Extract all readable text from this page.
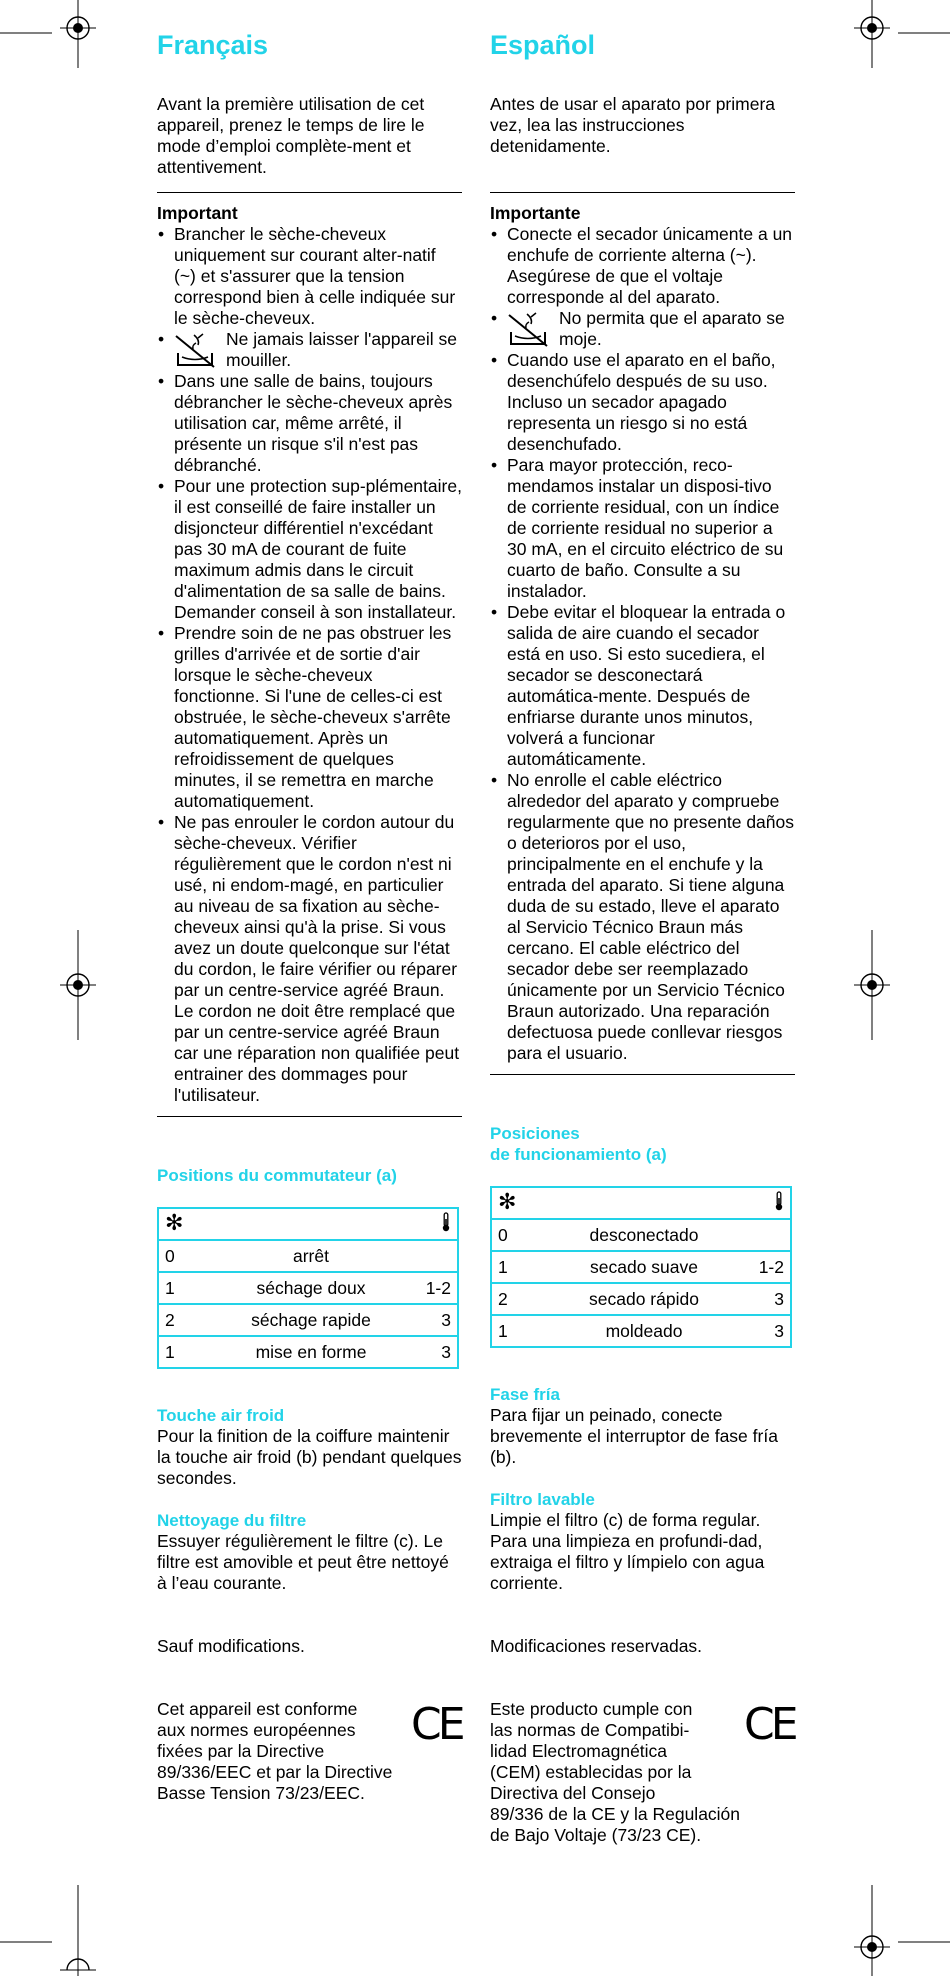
Français

Avant la première utilisation de cet appareil, prenez le temps de lire le mode d’emploi complète-ment et attentivement.

Important
• Brancher le sèche-cheveux uniquement sur courant alter-natif (~) et s'assurer que la tension correspond bien à celle indiquée sur le sèche-cheveux.
• Ne jamais laisser l'appareil se mouiller.
• Dans une salle de bains, toujours débrancher le sèche-cheveux après utilisation car, même arrêté, il présente un risque s'il n'est pas débranché.
• Pour une protection sup-plémentaire, il est conseillé de faire installer un disjoncteur différentiel n'excédant pas 30 mA de courant de fuite maximum admis dans le circuit d'alimentation de sa salle de bains. Demander conseil à son installateur.
• Prendre soin de ne pas obstruer les grilles d'arrivée et de sortie d'air lorsque le sèche-cheveux fonctionne. Si l'une de celles-ci est obstruée, le sèche-cheveux s'arrête automatiquement. Après un refroidissement de quelques minutes, il se remettra en marche automatiquement.
• Ne pas enrouler le cordon autour du sèche-cheveux. Vérifier régulièrement que le cordon n'est ni usé, ni endom-magé, en particulier au niveau de sa fixation au sèche-cheveux ainsi qu'à la prise. Si vous avez un doute quelconque sur l'état du cordon, le faire vérifier ou réparer par un centre-service agréé Braun. Le cordon ne doit être remplacé que par un centre-service agréé Braun car une réparation non qualifiée peut entrainer des dommages pour l'utilisateur.

Positions du commutateur (a)

✻		
0	arrêt	
1	séchage doux	1-2
2	séchage rapide	3
1	mise en forme	3

Touche air froid

Pour la finition de la coiffure maintenir la touche air froid (b) pendant quelques secondes.

Nettoyage du filtre

Essuyer régulièrement le filtre (c). Le filtre est amovible et peut être nettoyé à l’eau courante.

Sauf modifications.

Cet appareil est conforme
aux normes européennes
fixées par la Directive
89/336/EEC et par la Directive
Basse Tension 73/23/EEC.

CE
Español

Antes de usar el aparato por primera vez, lea las instrucciones detenidamente.

Importante
• Conecte el secador únicamente a un enchufe de corriente alterna (~). Asegúrese de que el voltaje corresponde al del aparato.
• No permita que el aparato se moje.
• Cuando use el aparato en el baño, desenchúfelo después de su uso. Incluso un secador apagado representa un riesgo si no está desenchufado.
• Para mayor protección, reco-mendamos instalar un disposi-tivo de corriente residual, con un índice de corriente residual no superior a 30 mA, en el circuito eléctrico de su cuarto de baño. Consulte a su instalador.
• Debe evitar el bloquear la entrada o salida de aire cuando el secador está en uso. Si esto sucediera, el secador se desconectará automática-mente. Después de enfriarse durante unos minutos, volverá a funcionar automáticamente.
• No enrolle el cable eléctrico alrededor del aparato y compruebe regularmente que no presente daños o deterioros por el uso, principalmente en el enchufe y la entrada del aparato. Si tiene alguna duda de su estado, lleve el aparato al Servicio Técnico Braun más cercano. El cable eléctrico del secador debe ser reemplazado únicamente por un Servicio Técnico Braun autorizado. Una reparación defectuosa puede conllevar riesgos para el usuario.

Posiciones
de funcionamiento (a)

✻		
0	desconectado	
1	secado suave	1-2
2	secado rápido	3
1	moldeado	3

Fase fría

Para fijar un peinado, conecte brevemente el interruptor de fase fría (b).

Filtro lavable

Limpie el filtro (c) de forma regular.
Para una limpieza en profundi-dad, extraiga el filtro y límpielo con agua corriente.

Modificaciones reservadas.

Este producto cumple con
las normas de Compatibi-
lidad Electromagnética
(CEM) establecidas por la
Directiva del Consejo
89/336 de la CE y la Regulación
de Bajo Voltaje (73/23 CE).

CE
